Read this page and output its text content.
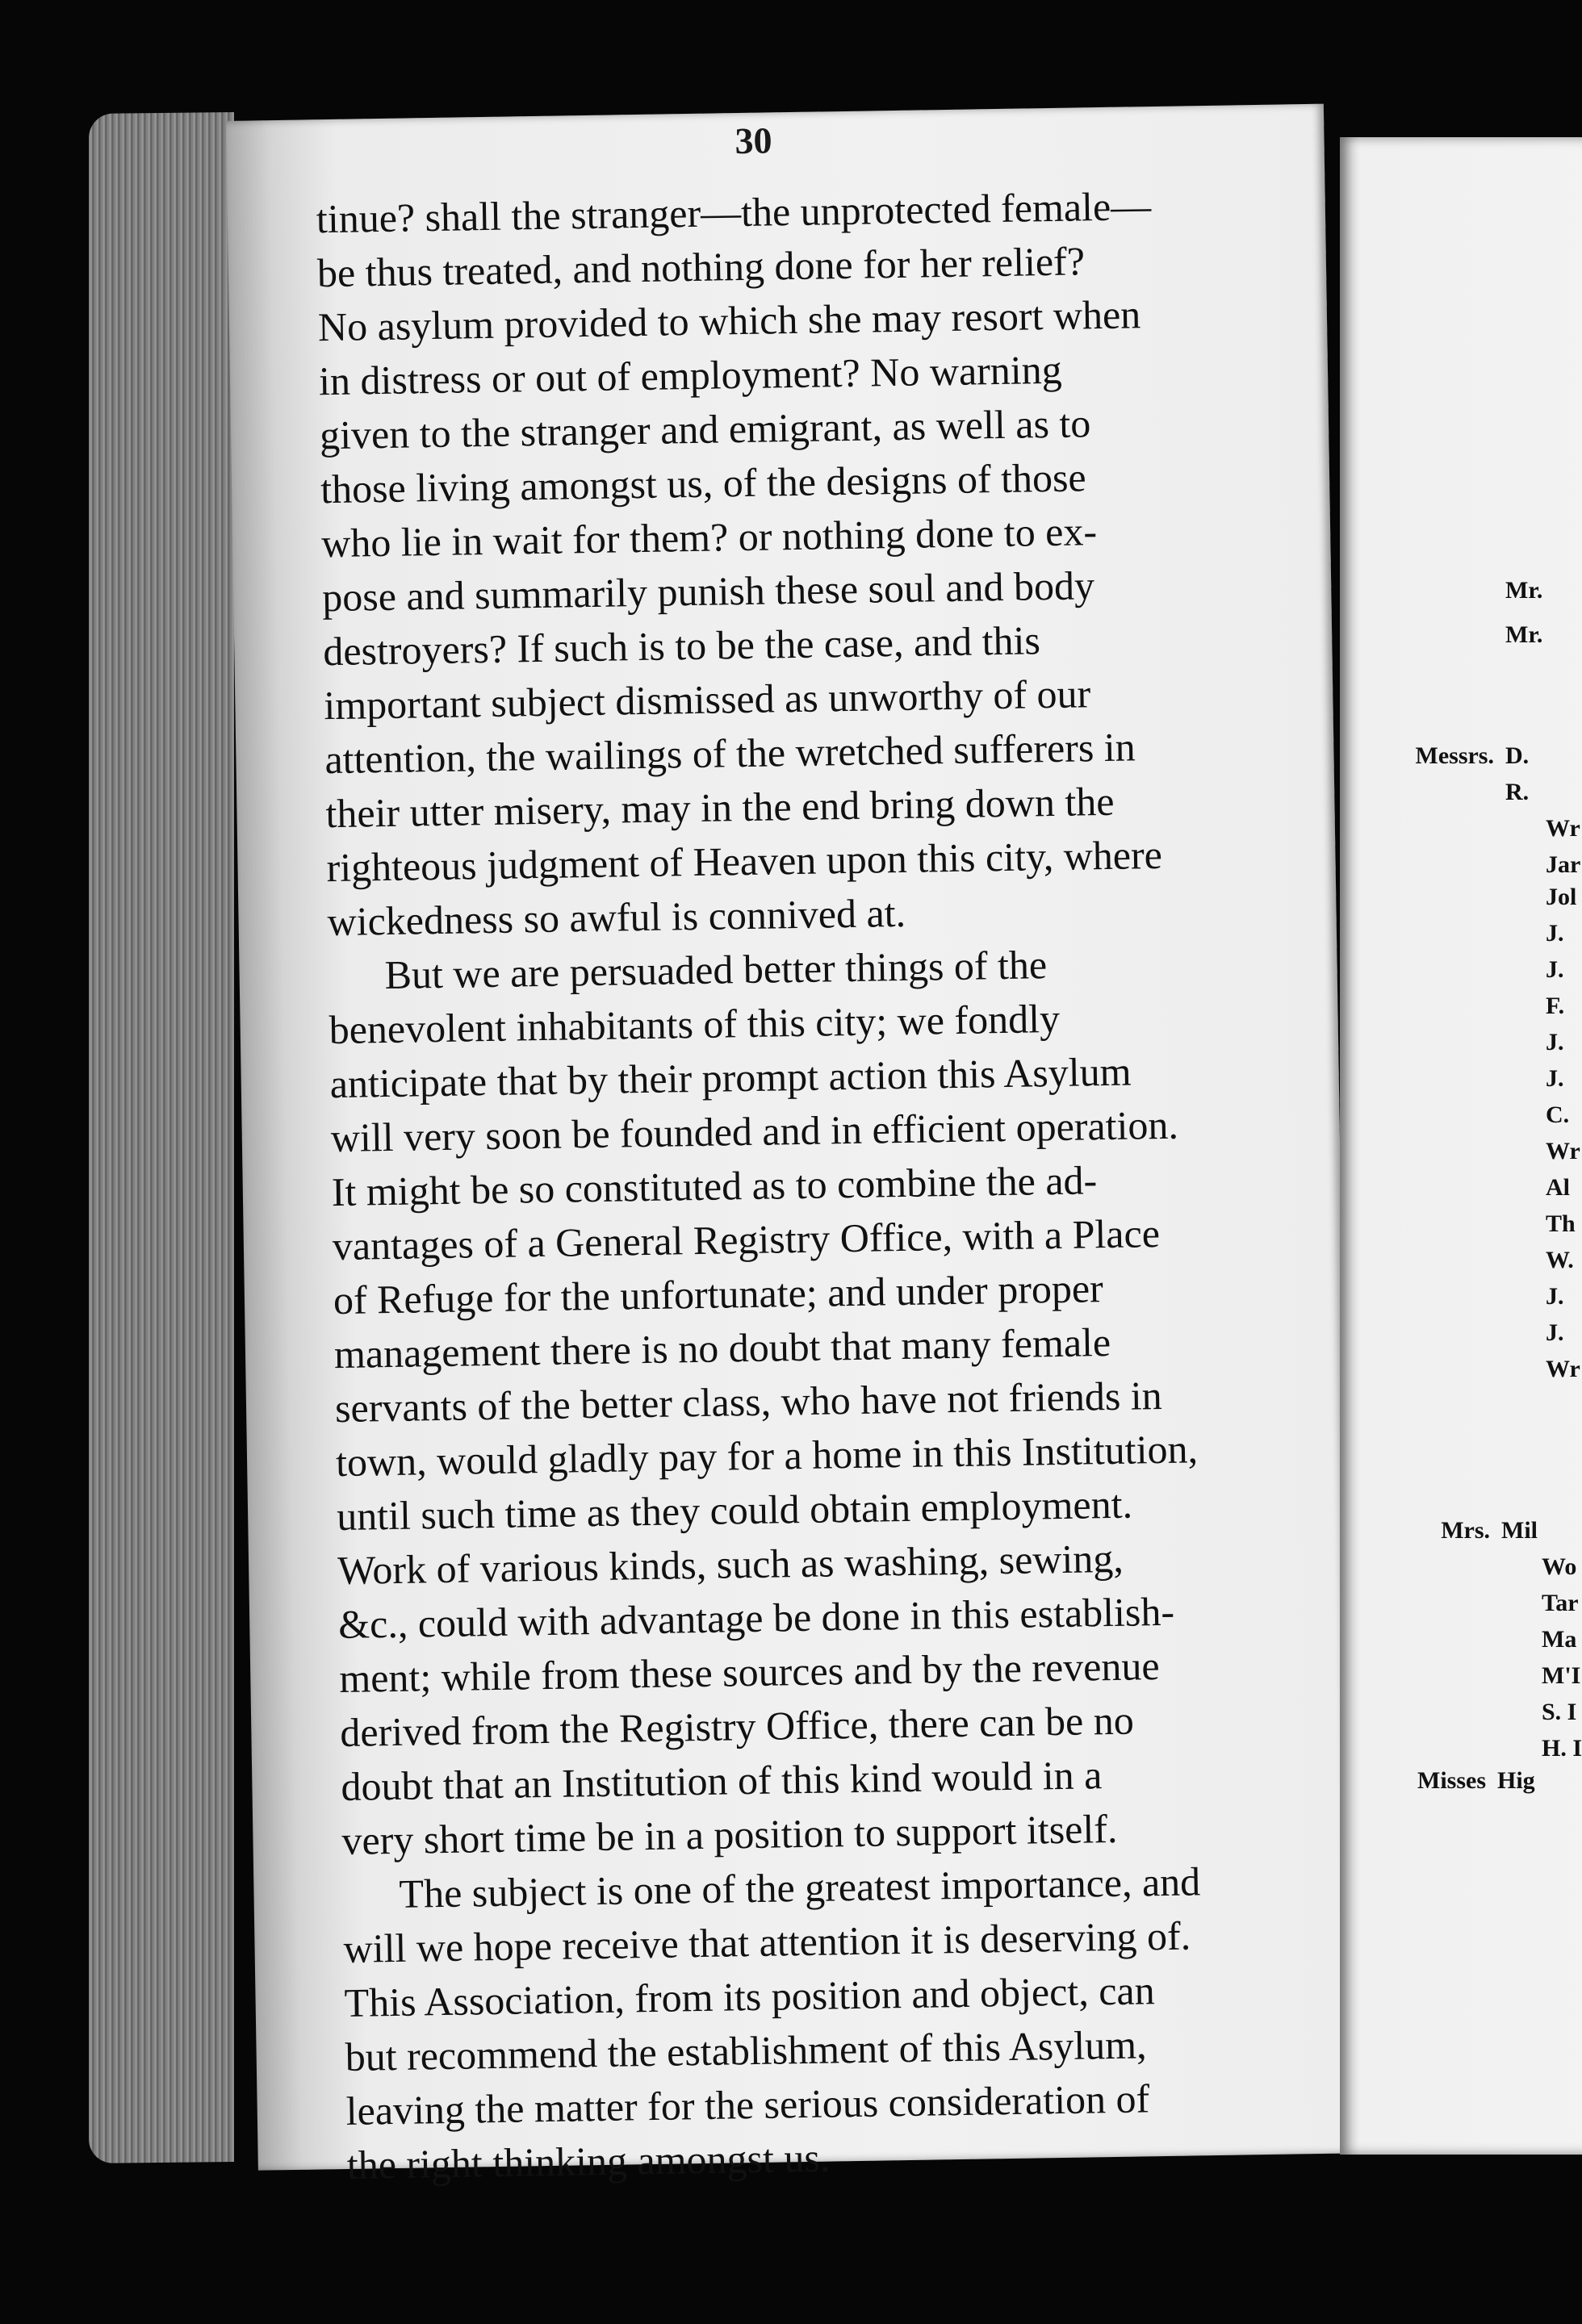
30

tinue? shall the stranger—the unprotected female—
be thus treated, and nothing done for her relief?
No asylum provided to which she may resort when
in distress or out of employment? No warning
given to the stranger and emigrant, as well as to
those living amongst us, of the designs of those
who lie in wait for them? or nothing done to ex-
pose and summarily punish these soul and body
destroyers? If such is to be the case, and this
important subject dismissed as unworthy of our
attention, the wailings of the wretched sufferers in
their utter misery, may in the end bring down the
righteous judgment of Heaven upon this city, where
wickedness so awful is connived at.

But we are persuaded better things of the
benevolent inhabitants of this city; we fondly
anticipate that by their prompt action this Asylum
will very soon be founded and in efficient operation.
It might be so constituted as to combine the ad-
vantages of a General Registry Office, with a Place
of Refuge for the unfortunate; and under proper
management there is no doubt that many female
servants of the better class, who have not friends in
town, would gladly pay for a home in this Institution,
until such time as they could obtain employment.
Work of various kinds, such as washing, sewing,
&c., could with advantage be done in this establish-
ment; while from these sources and by the revenue
derived from the Registry Office, there can be no
doubt that an Institution of this kind would in a
very short time be in a position to support itself.

The subject is one of the greatest importance, and
will we hope receive that attention it is deserving of.
This Association, from its position and object, can
but recommend the establishment of this Asylum,
leaving the matter for the serious consideration of
the right thinking amongst us.

Mr.
Mr.
Messrs. D.
R.
Wr
Jar
Jol
J.
J.
F.
J.
J.
C.
Wr
Al
Th
W.
J.
J.
Wr
Mrs. Mil
Wo
Tar
Ma
M'I
S. I
H. I
Misses Hig
